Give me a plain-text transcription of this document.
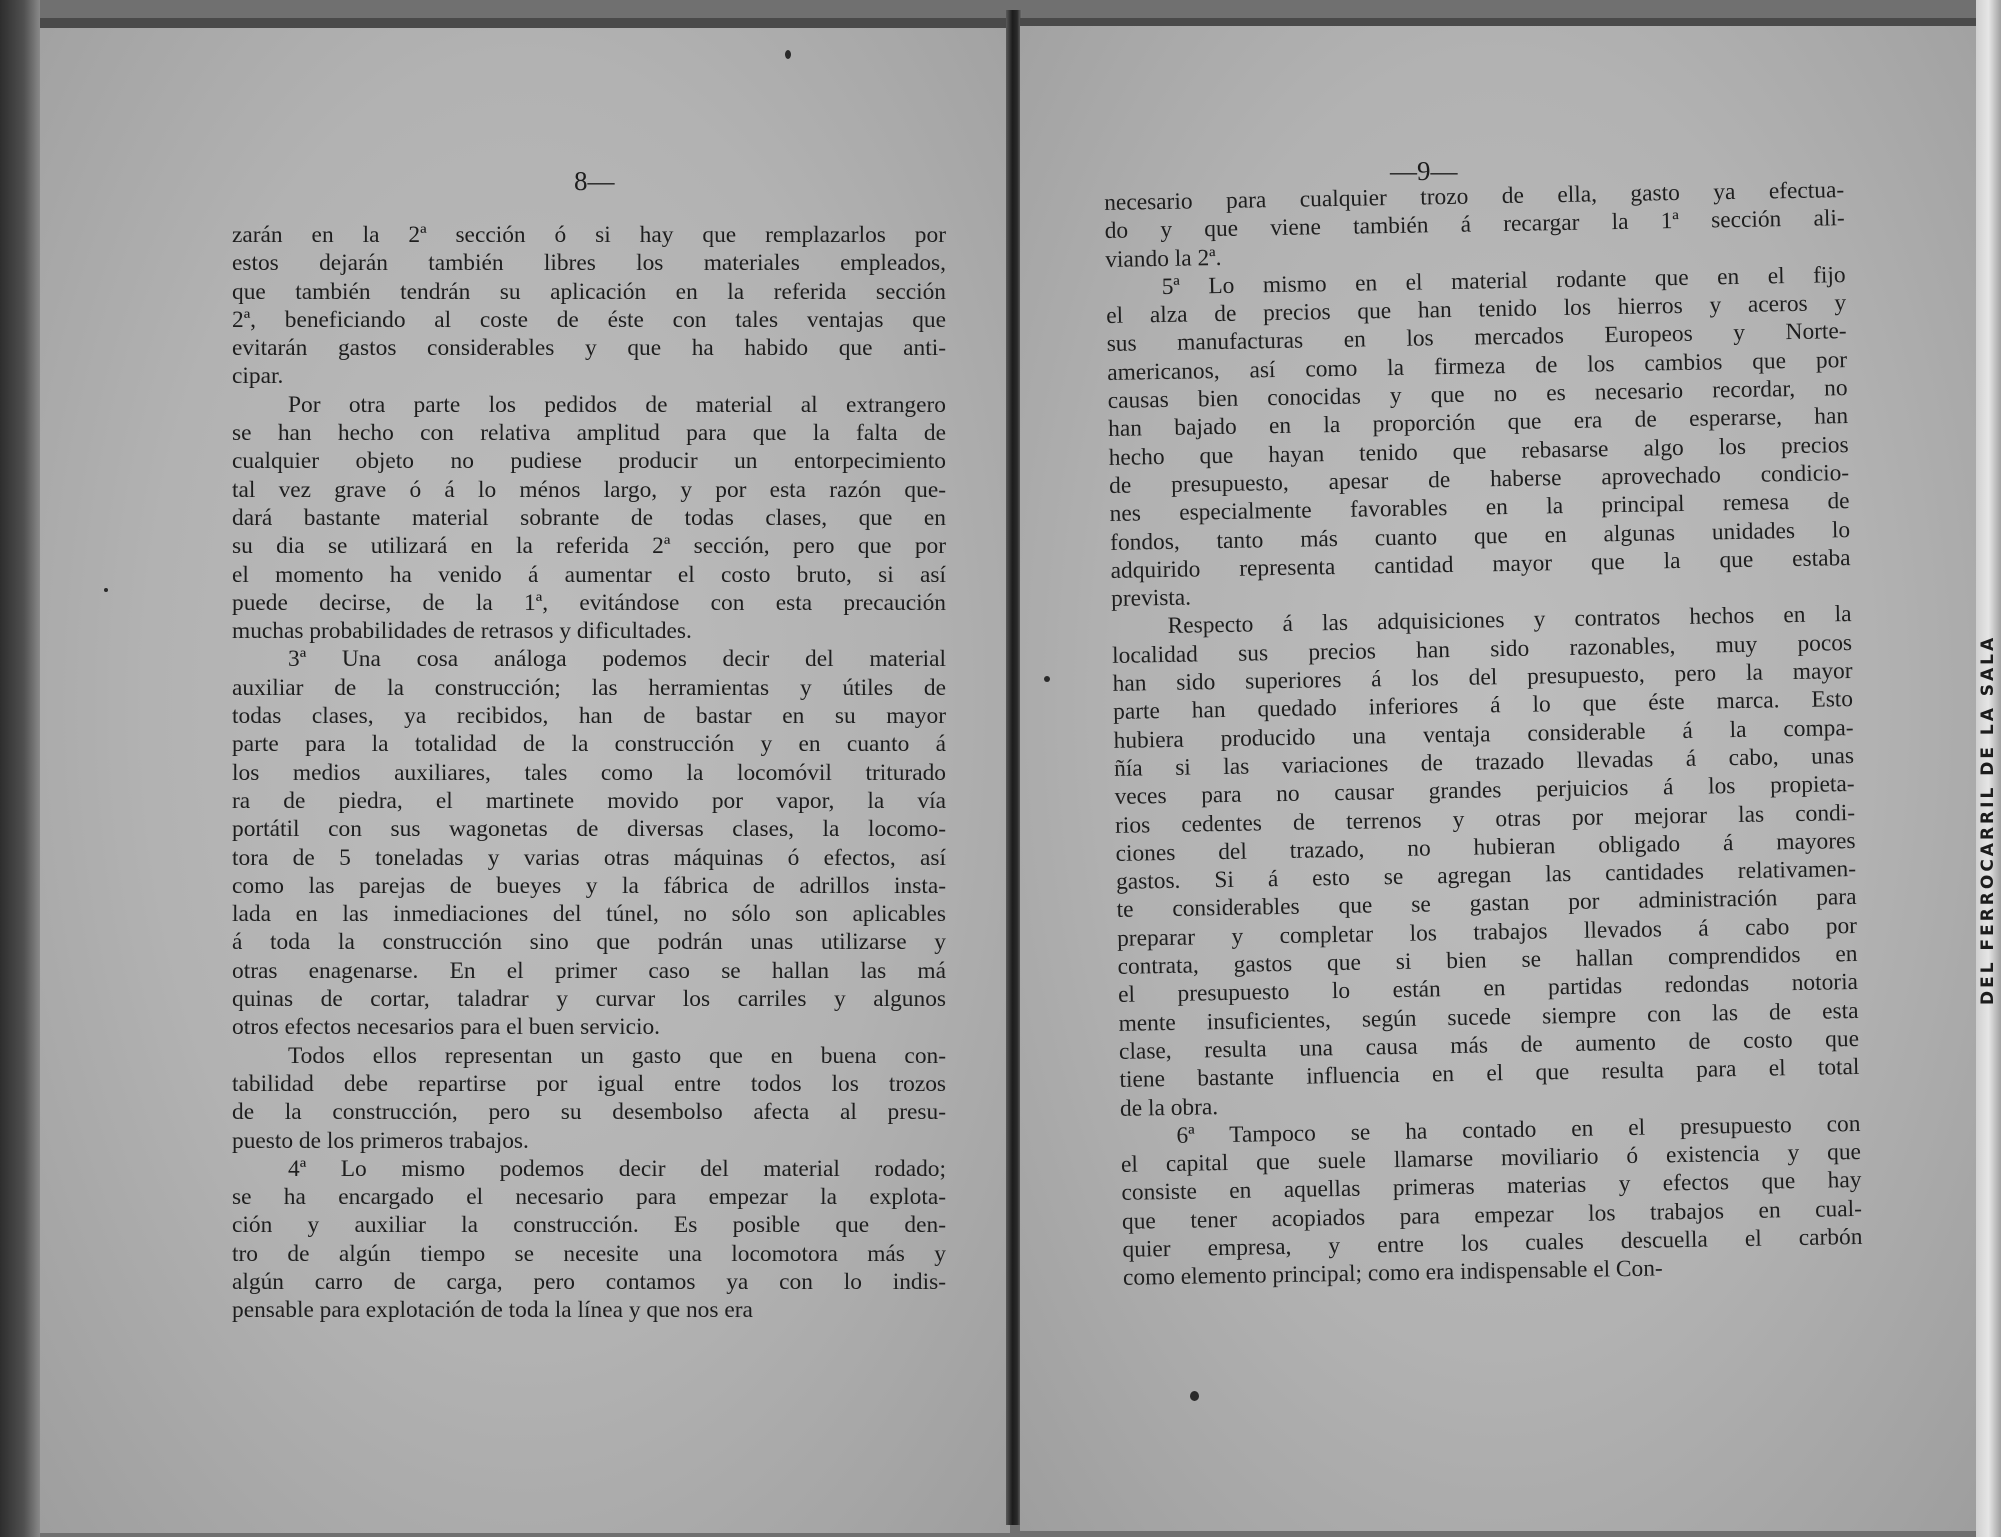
8—
zarán en la 2ª sección ó si hay que remplazarlos por
estos dejarán también libres los materiales empleados,
que también tendrán su aplicación en la referida sección
2ª, beneficiando al coste de éste con tales ventajas que
evitarán gastos considerables y que ha habido que anti-
cipar.
Por otra parte los pedidos de material al extrangero
se han hecho con relativa amplitud para que la falta de
cualquier objeto no pudiese producir un entorpecimiento
tal vez grave ó á lo ménos largo, y por esta razón que-
dará bastante material sobrante de todas clases, que en
su dia se utilizará en la referida 2ª sección, pero que por
el momento ha venido á aumentar el costo bruto, si así
puede decirse, de la 1ª, evitándose con esta precaución
muchas probabilidades de retrasos y dificultades.
3ª Una cosa análoga podemos decir del material
auxiliar de la construcción; las herramientas y útiles de
todas clases, ya recibidos, han de bastar en su mayor
parte para la totalidad de la construcción y en cuanto á
los medios auxiliares, tales como la locomóvil triturado
ra de piedra, el martinete movido por vapor, la vía
portátil con sus wagonetas de diversas clases, la locomo-
tora de 5 toneladas y varias otras máquinas ó efectos, así
como las parejas de bueyes y la fábrica de adrillos insta-
lada en las inmediaciones del túnel, no sólo son aplicables
á toda la construcción sino que podrán unas utilizarse y
otras enagenarse. En el primer caso se hallan las má
quinas de cortar, taladrar y curvar los carriles y algunos
otros efectos necesarios para el buen servicio.
Todos ellos representan un gasto que en buena con-
tabilidad debe repartirse por igual entre todos los trozos
de la construcción, pero su desembolso afecta al presu-
puesto de los primeros trabajos.
4ª Lo mismo podemos decir del material rodado;
se ha encargado el necesario para empezar la explota-
ción y auxiliar la construcción. Es posible que den-
tro de algún tiempo se necesite una locomotora más y
algún carro de carga, pero contamos ya con lo indis-
pensable para explotación de toda la línea y que nos era
—9—
necesario para cualquier trozo de ella, gasto ya efectua-
do y que viene también á recargar la 1ª sección ali-
viando la 2ª.
5ª Lo mismo en el material rodante que en el fijo
el alza de precios que han tenido los hierros y aceros y
sus manufacturas en los mercados Europeos y Norte-
americanos, así como la firmeza de los cambios que por
causas bien conocidas y que no es necesario recordar, no
han bajado en la proporción que era de esperarse, han
hecho que hayan tenido que rebasarse algo los precios
de presupuesto, apesar de haberse aprovechado condicio-
nes especialmente favorables en la principal remesa de
fondos, tanto más cuanto que en algunas unidades lo
adquirido representa cantidad mayor que la que estaba
prevista.
Respecto á las adquisiciones y contratos hechos en la
localidad sus precios han sido razonables, muy pocos
han sido superiores á los del presupuesto, pero la mayor
parte han quedado inferiores á lo que éste marca. Esto
hubiera producido una ventaja considerable á la compa-
ñía si las variaciones de trazado llevadas á cabo, unas
veces para no causar grandes perjuicios á los propieta-
rios cedentes de terrenos y otras por mejorar las condi-
ciones del trazado, no hubieran obligado á mayores
gastos. Si á esto se agregan las cantidades relativamen-
te considerables que se gastan por administración para
preparar y completar los trabajos llevados á cabo por
contrata, gastos que si bien se hallan comprendidos en
el presupuesto lo están en partidas redondas notoria
mente insuficientes, según sucede siempre con las de esta
clase, resulta una causa más de aumento de costo que
tiene bastante influencia en el que resulta para el total
de la obra.
6ª Tampoco se ha contado en el presupuesto con
el capital que suele llamarse moviliario ó existencia y que
consiste en aquellas primeras materias y efectos que hay
que tener acopiados para empezar los trabajos en cual-
quier empresa, y entre los cuales descuella el carbón
como elemento principal; como era indispensable el Con-
DEL FERROCARRIL DE LA SALA
